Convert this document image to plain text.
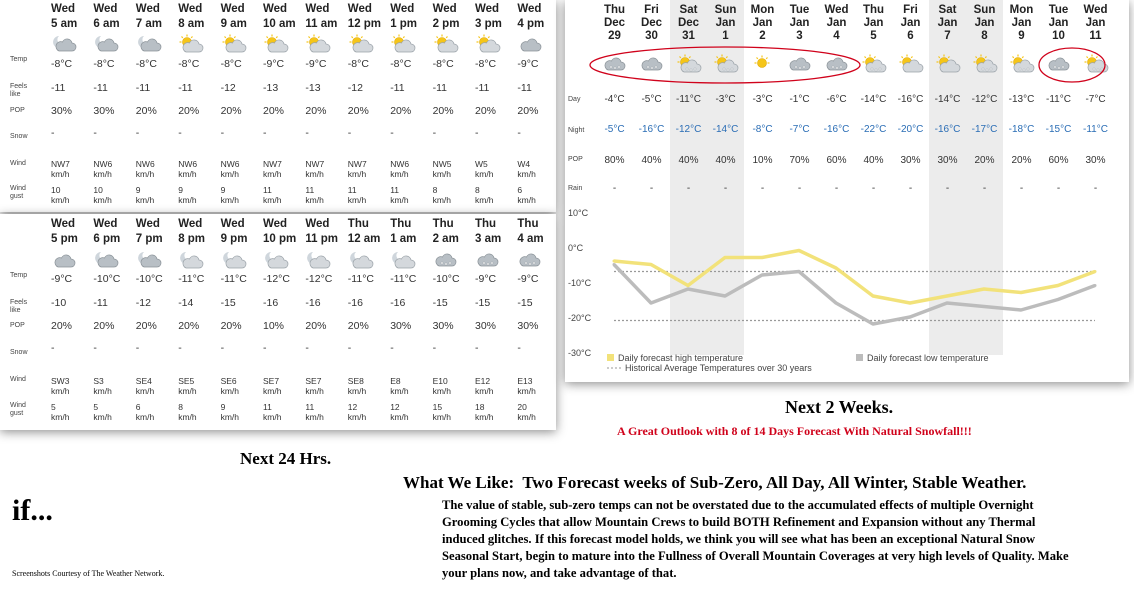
Temp
Feels
like
POP
Snow
Wind
Wind
gust
Wed
5 am
-8°C
-11
30%
-
NW7
km/h
10
km/h
Wed
6 am
-8°C
-11
30%
-
NW6
km/h
10
km/h
Wed
7 am
-8°C
-11
20%
-
NW6
km/h
9
km/h
Wed
8 am
-8°C
-11
20%
-
NW6
km/h
9
km/h
Wed
9 am
-8°C
-12
20%
-
NW6
km/h
9
km/h
Wed
10 am
-9°C
-13
20%
-
NW7
km/h
11
km/h
Wed
11 am
-9°C
-13
20%
-
NW7
km/h
11
km/h
Wed
12 pm
-8°C
-12
20%
-
NW7
km/h
11
km/h
Wed
1 pm
-8°C
-11
20%
-
NW6
km/h
11
km/h
Wed
2 pm
-8°C
-11
20%
-
NW5
km/h
8
km/h
Wed
3 pm
-8°C
-11
20%
-
W5
km/h
8
km/h
Wed
4 pm
-9°C
-11
20%
-
W4
km/h
6
km/h
Temp
Feels
like
POP
Snow
Wind
Wind
gust
Wed
5 pm
-9°C
-10
20%
-
SW3
km/h
5
km/h
Wed
6 pm
-10°C
-11
20%
-
S3
km/h
5
km/h
Wed
7 pm
-10°C
-12
20%
-
SE4
km/h
6
km/h
Wed
8 pm
-11°C
-14
20%
-
SE5
km/h
8
km/h
Wed
9 pm
-11°C
-15
20%
-
SE6
km/h
9
km/h
Wed
10 pm
-12°C
-16
10%
-
SE7
km/h
11
km/h
Wed
11 pm
-12°C
-16
20%
-
SE7
km/h
11
km/h
Thu
12 am
-11°C
-16
20%
-
SE8
km/h
12
km/h
Thu
1 am
-11°C
-16
30%
-
E8
km/h
12
km/h
Thu
2 am
-10°C
-15
30%
-
E10
km/h
15
km/h
Thu
3 am
-9°C
-15
30%
-
E12
km/h
18
km/h
Thu
4 am
-9°C
-15
30%
-
E13
km/h
20
km/h
Day
Night
POP
Rain
Thu
Dec
29
-4°C
-5°C
80%
-
Fri
Dec
30
-5°C
-16°C
40%
-
Sat
Dec
31
-11°C
-12°C
40%
-
Sun
Jan
1
-3°C
-14°C
40%
-
Mon
Jan
2
-3°C
-8°C
10%
-
Tue
Jan
3
-1°C
-7°C
70%
-
Wed
Jan
4
-6°C
-16°C
60%
-
Thu
Jan
5
-14°C
-22°C
40%
-
Fri
Jan
6
-16°C
-20°C
30%
-
Sat
Jan
7
-14°C
-16°C
30%
-
Sun
Jan
8
-12°C
-17°C
20%
-
Mon
Jan
9
-13°C
-18°C
20%
-
Tue
Jan
10
-11°C
-15°C
60%
-
Wed
Jan
11
-7°C
-11°C
30%
-
10°C
0°C
-10°C
-20°C
-30°C	Daily forecast high temperature	Daily forecast low temperature
Historical Average Temperatures over 30 years
Next 24 Hrs.
Next 2 Weeks.
A Great Outlook with 8 of 14 Days Forecast With Natural Snowfall!!!
What We Like:  Two Forecast weeks of Sub-Zero, All Day, All Winter, Stable Weather.
The value of stable, sub-zero temps can not be overstated due to the accumulated effects of multiple Overnight Grooming Cycles that allow Mountain Crews to build BOTH Refinement and Expansion without any Thermal induced glitches. If this forecast model holds, we think you will see what has been an exceptional Natural Snow Seasonal Start, begin to mature into the Fullness of Overall Mountain Coverages at very high levels of Quality. Make your plans now, and take advantage of that.
if...
Screenshots Courtesy of The Weather Network.
